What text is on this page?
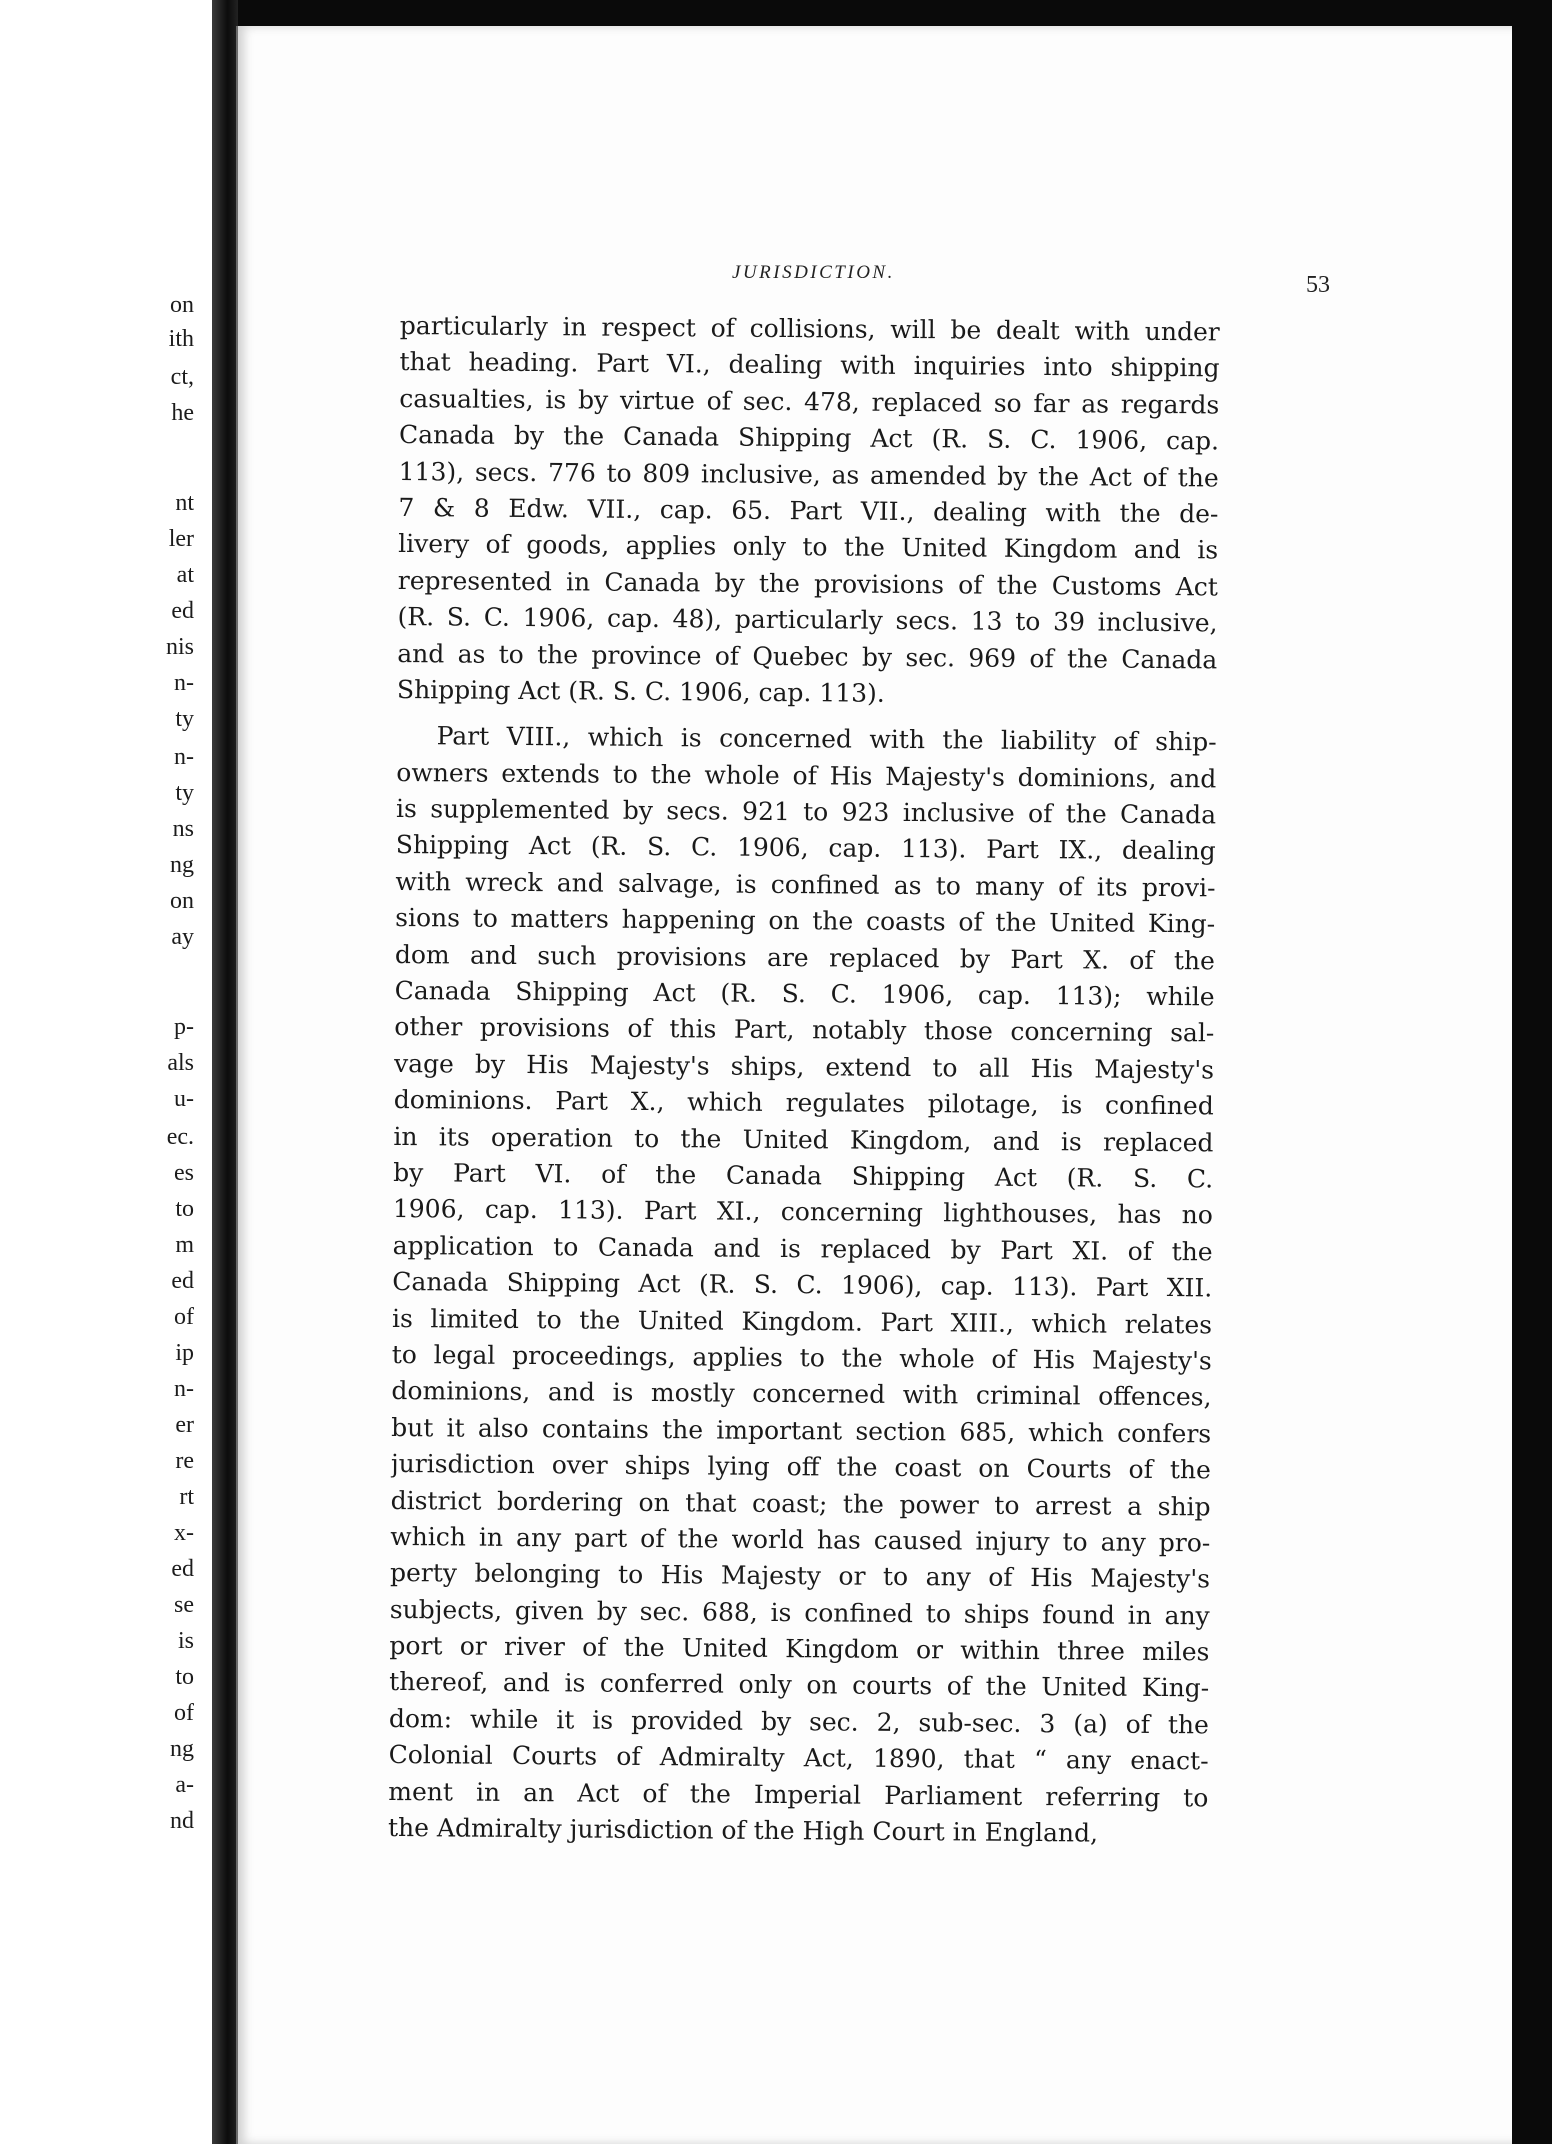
on
ith
ct,
he
nt
ler
at
ed
nis
n-
ty
n-
ty
ns
ng
on
ay
p-
als
u-
ec.
es
to
m
ed
of
ip
n-
er
re
rt
x-
ed
se
is
to
of
ng
a-
nd
JURISDICTION.	53
particularly in respect of collisions, will be dealt with under
that heading. Part VI., dealing with inquiries into shipping
casualties, is by virtue of sec. 478, replaced so far as regards
Canada by the Canada Shipping Act (R. S. C. 1906, cap.
113), secs. 776 to 809 inclusive, as amended by the Act of the
7 & 8 Edw. VII., cap. 65. Part VII., dealing with the de-
livery of goods, applies only to the United Kingdom and is
represented in Canada by the provisions of the Customs Act
(R. S. C. 1906, cap. 48), particularly secs. 13 to 39 inclusive,
and as to the province of Quebec by sec. 969 of the Canada
Shipping Act (R. S. C. 1906, cap. 113).
Part VIII., which is concerned with the liability of ship-
owners extends to the whole of His Majesty's dominions, and
is supplemented by secs. 921 to 923 inclusive of the Canada
Shipping Act (R. S. C. 1906, cap. 113). Part IX., dealing
with wreck and salvage, is confined as to many of its provi-
sions to matters happening on the coasts of the United King-
dom and such provisions are replaced by Part X. of the
Canada Shipping Act (R. S. C. 1906, cap. 113); while
other provisions of this Part, notably those concerning sal-
vage by His Majesty's ships, extend to all His Majesty's
dominions. Part X., which regulates pilotage, is confined
in its operation to the United Kingdom, and is replaced
by Part VI. of the Canada Shipping Act (R. S. C.
1906, cap. 113). Part XI., concerning lighthouses, has no
application to Canada and is replaced by Part XI. of the
Canada Shipping Act (R. S. C. 1906), cap. 113). Part XII.
is limited to the United Kingdom. Part XIII., which relates
to legal proceedings, applies to the whole of His Majesty's
dominions, and is mostly concerned with criminal offences,
but it also contains the important section 685, which confers
jurisdiction over ships lying off the coast on Courts of the
district bordering on that coast; the power to arrest a ship
which in any part of the world has caused injury to any pro-
perty belonging to His Majesty or to any of His Majesty's
subjects, given by sec. 688, is confined to ships found in any
port or river of the United Kingdom or within three miles
thereof, and is conferred only on courts of the United King-
dom: while it is provided by sec. 2, sub-sec. 3 (a) of the
Colonial Courts of Admiralty Act, 1890, that “ any enact-
ment in an Act of the Imperial Parliament referring to
the Admiralty jurisdiction of the High Court in England,
